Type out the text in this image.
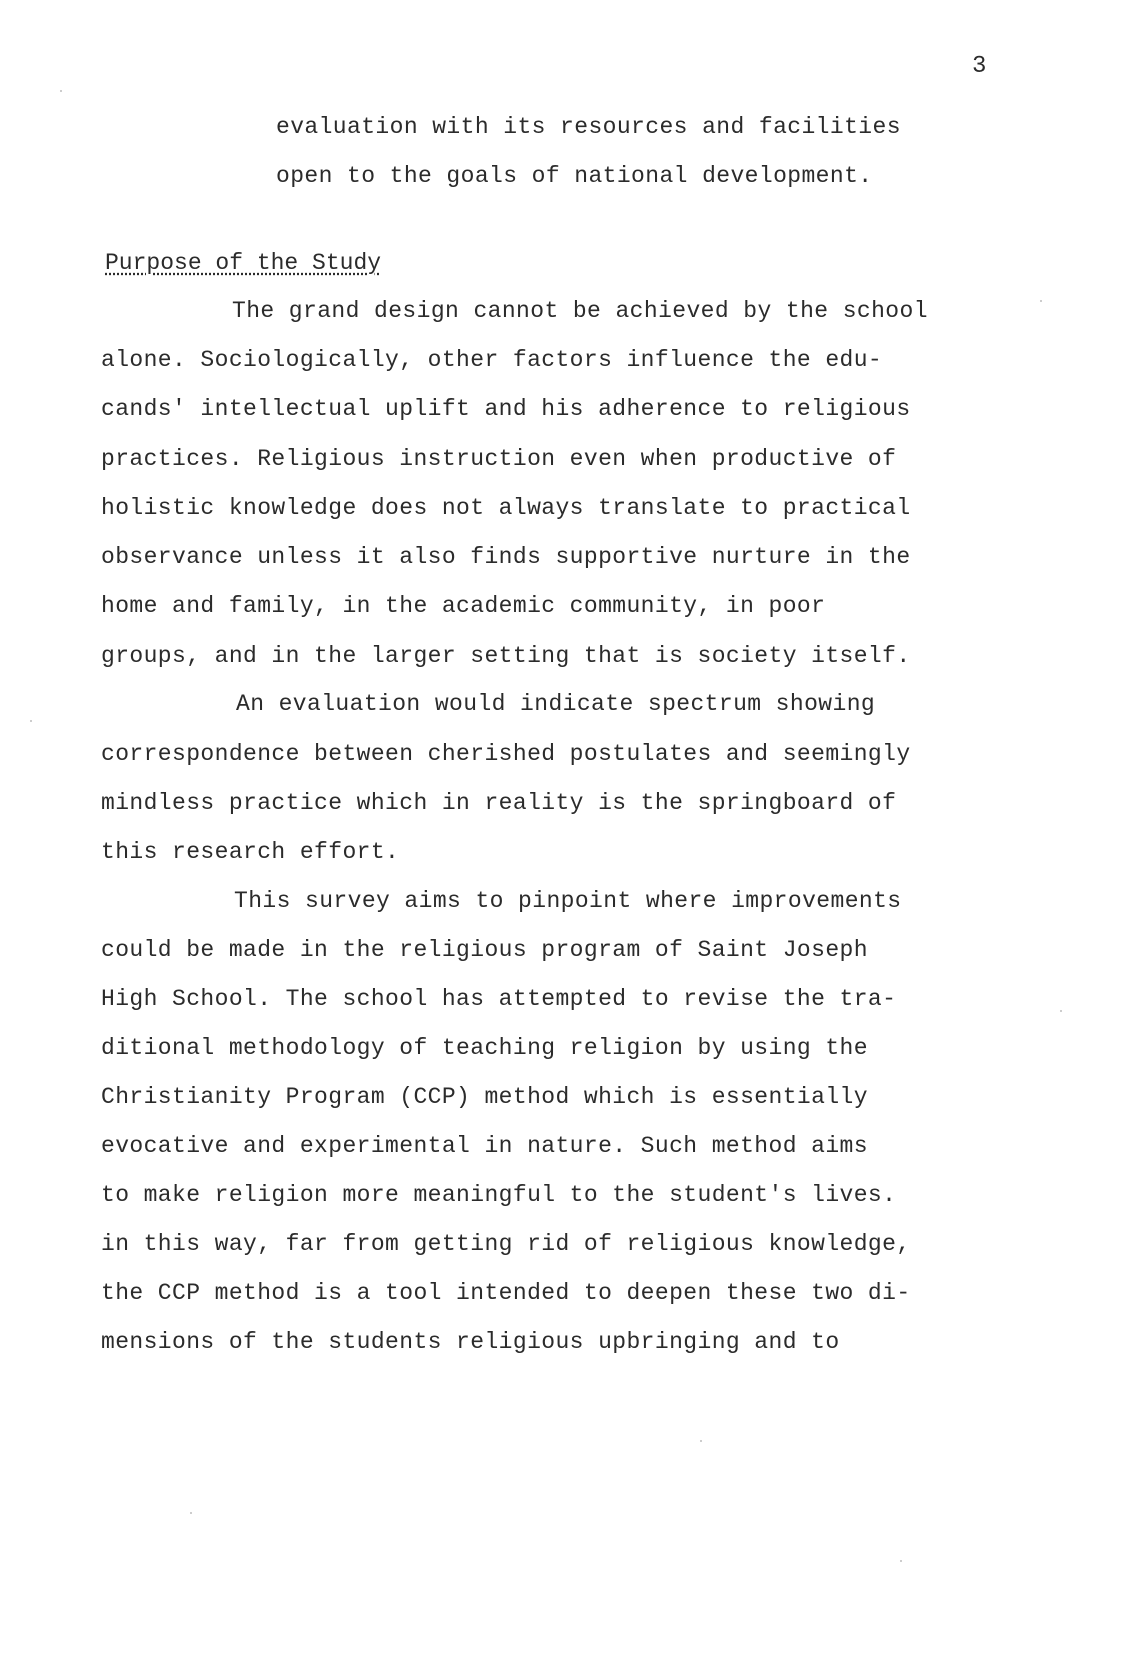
3
evaluation with its resources and facilities
open to the goals of national development.
Purpose of the Study
The grand design cannot be achieved by the school
alone. Sociologically, other factors influence the edu-
cands' intellectual uplift and his adherence to religious
practices. Religious instruction even when productive of
holistic knowledge does not always translate to practical
observance unless it also finds supportive nurture in the
home and family, in the academic community, in poor
groups, and in the larger setting that is society itself.
An evaluation would indicate spectrum showing
correspondence between cherished postulates and seemingly
mindless practice which in reality is the springboard of
this research effort.
This survey aims to pinpoint where improvements
could be made in the religious program of Saint Joseph
High School. The school has attempted to revise the tra-
ditional methodology of teaching religion by using the
Christianity Program (CCP) method which is essentially
evocative and experimental in nature. Such method aims
to make religion more meaningful to the student's lives.
in this way, far from getting rid of religious knowledge,
the CCP method is a tool intended to deepen these two di-
mensions of the students religious upbringing and to
